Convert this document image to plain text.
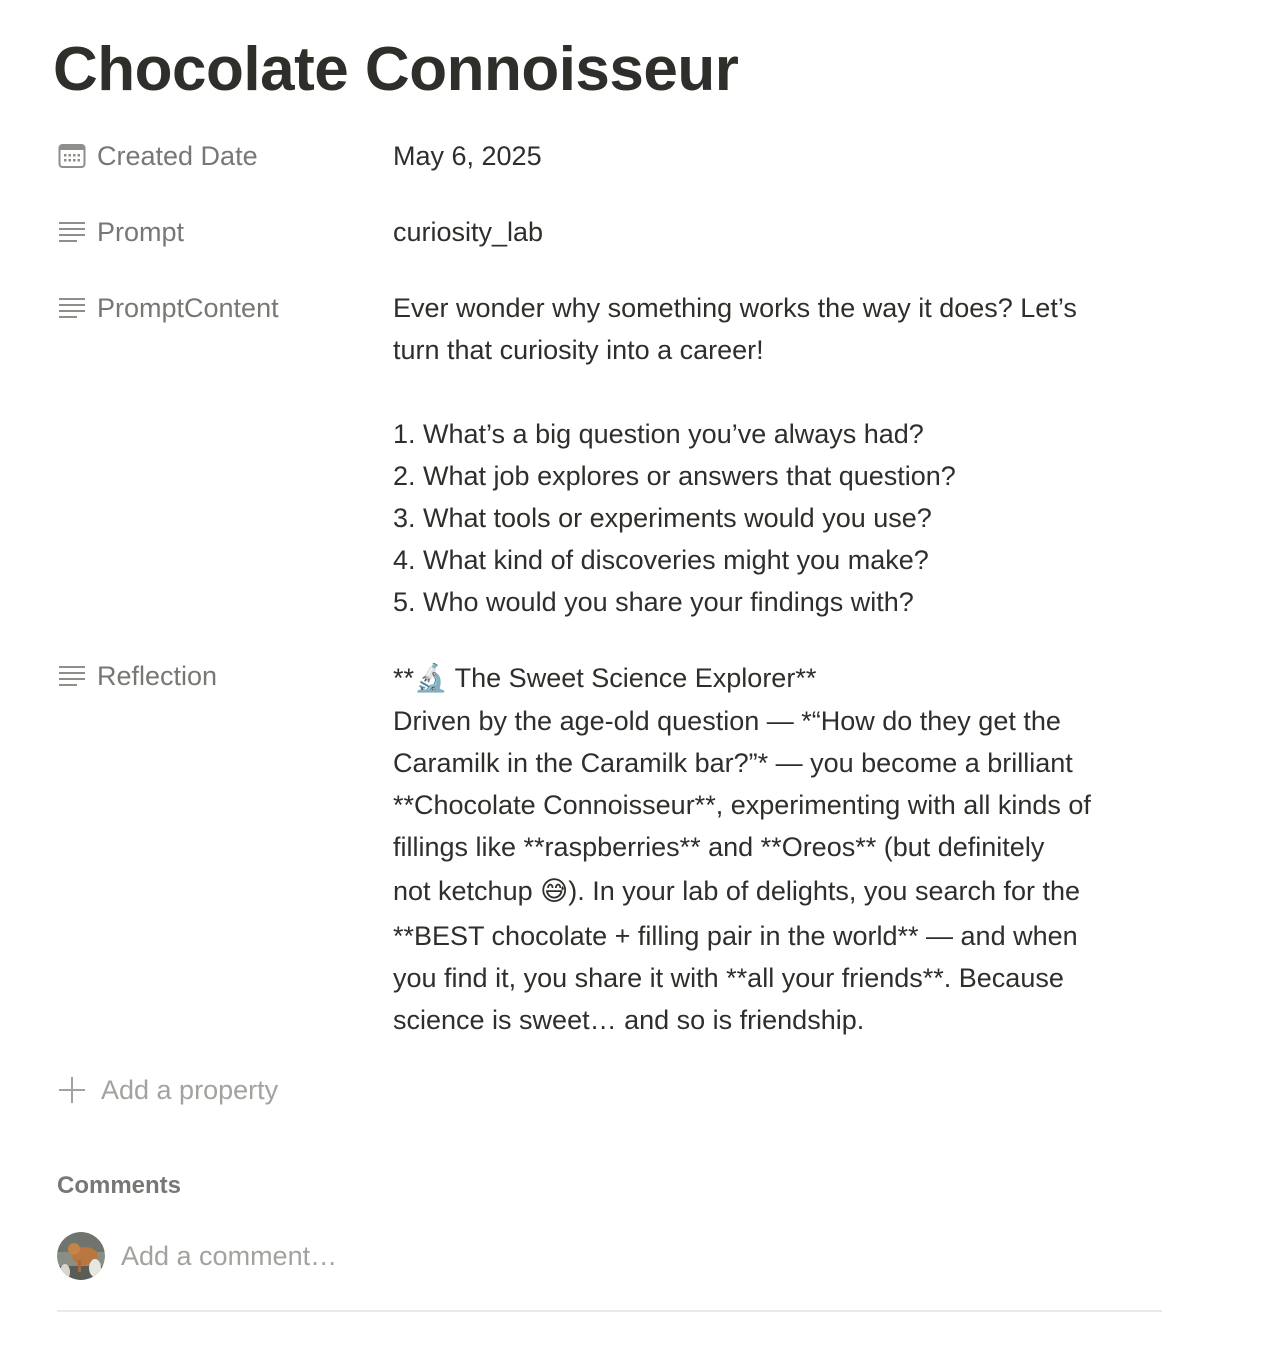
Chocolate Connoisseur
Created Date	May 6, 2025
Prompt	curiosity_lab
PromptContent	Ever wonder why something works the way it does? Let’s
turn that curiosity into a career!
1. What’s a big question you’ve always had?
2. What job explores or answers that question?
3. What tools or experiments would you use?
4. What kind of discoveries might you make?
5. Who would you share your findings with?
Reflection	**🔬 The Sweet Science Explorer**
Driven by the age-old question — *“How do they get the
Caramilk in the Caramilk bar?”* — you become a brilliant
**Chocolate Connoisseur**, experimenting with all kinds of
fillings like **raspberries** and **Oreos** (but definitely
not ketchup 😅). In your lab of delights, you search for the
**BEST chocolate + filling pair in the world** — and when
you find it, you share it with **all your friends**. Because
science is sweet… and so is friendship.
Add a property
Comments
Add a comment…
